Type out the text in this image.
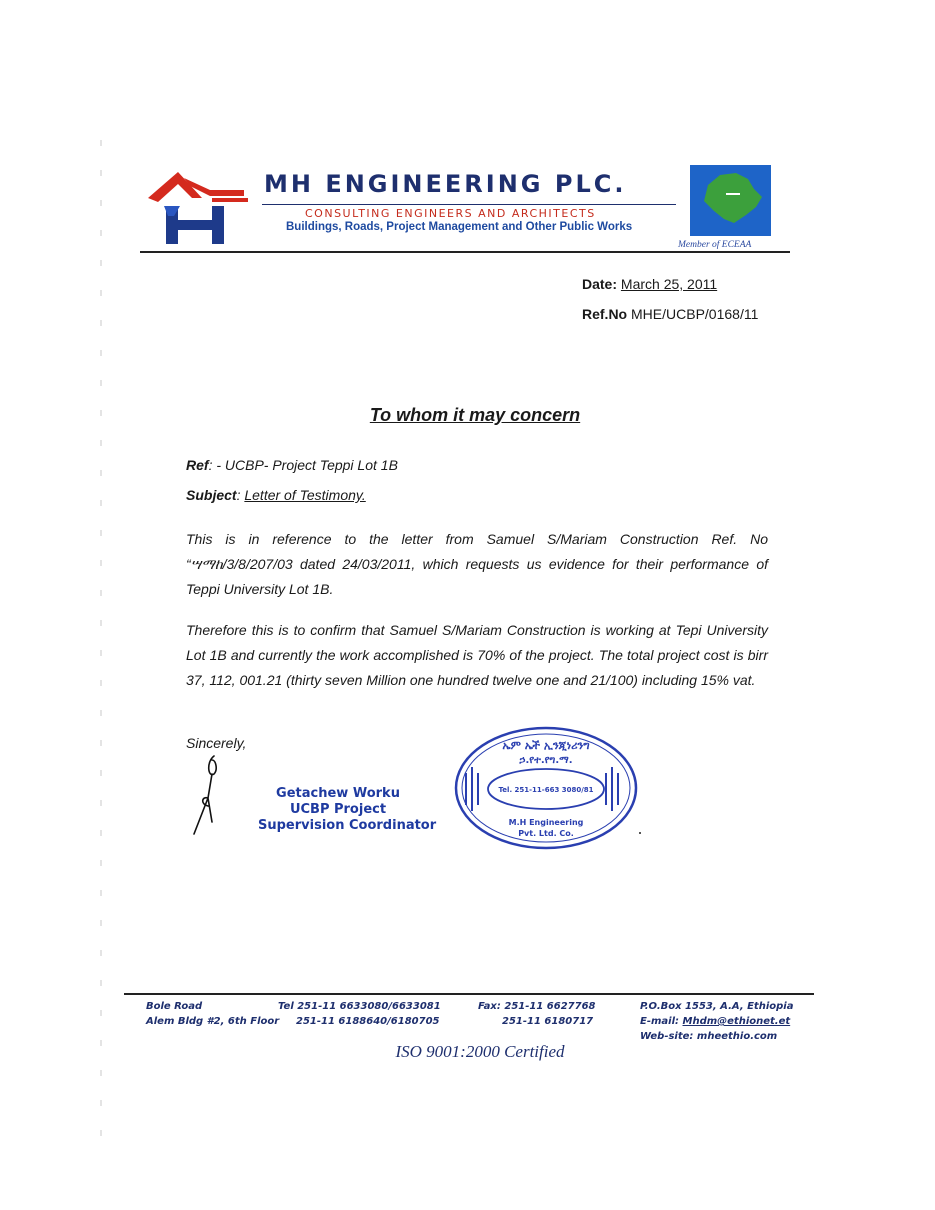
MH ENGINEERING PLC.
CONSULTING ENGINEERS AND ARCHITECTS
Buildings, Roads, Project Management and Other Public Works
Member of ECEAA
Date: March 25, 2011
Ref.No MHE/UCBP/0168/11
To whom it may concern
Ref: - UCBP- Project Teppi Lot 1B
Subject: Letter of Testimony.

This is in reference to the letter from Samuel S/Mariam Construction Ref. No “ሣማከ/3/8/207/03 dated 24/03/2011, which requests us evidence for their performance of Teppi University Lot 1B.

Therefore this is to confirm that Samuel S/Mariam Construction is working at Tepi University Lot 1B and currently the work accomplished is 70% of the project. The total project cost is birr 37, 112, 001.21 (thirty seven Million one hundred twelve one and 21/100) including 15% vat.

Sincerely,
Getachew Worku
UCBP Project
Supervision Coordinator
ኤም ኤች ኢንጂነሪንግ
ኃ.የተ.የግ.ማ.
Tel. 251-11-663 3080/81
M.H Engineering
Pvt. Ltd. Co.
Bole Road
Alem Bldg #2, 6th Floor
Tel 251-11 6633080/6633081
251-11 6188640/6180705
Fax: 251-11 6627768
251-11 6180717
P.O.Box 1553, A.A, Ethiopia
E-mail: Mhdm@ethionet.et
Web-site: mheethio.com
ISO 9001:2000 Certified
